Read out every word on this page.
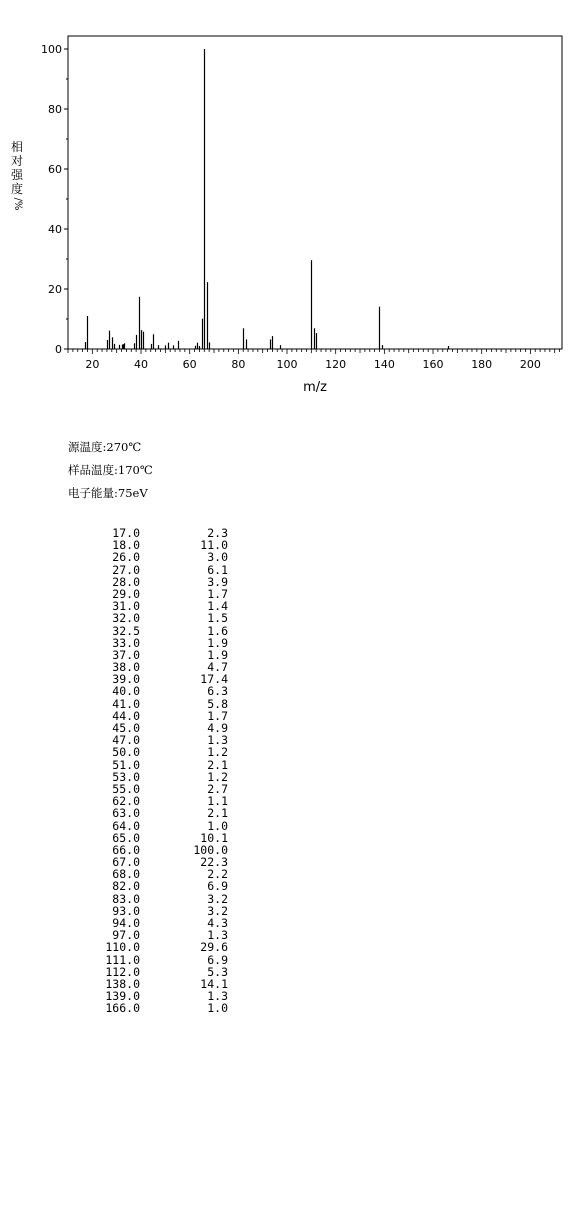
0
20
40
60
80
100
20	40	60	80	100	120	140	160	180	200
m/z
相
对
强
度
/%
源温度:270℃
样品温度:170℃
电子能量:75eV
17.0	2.3
18.0	11.0
26.0	3.0
27.0	6.1
28.0	3.9
29.0	1.7
31.0	1.4
32.0	1.5
32.5	1.6
33.0	1.9
37.0	1.9
38.0	4.7
39.0	17.4
40.0	6.3
41.0	5.8
44.0	1.7
45.0	4.9
47.0	1.3
50.0	1.2
51.0	2.1
53.0	1.2
55.0	2.7
62.0	1.1
63.0	2.1
64.0	1.0
65.0	10.1
66.0	100.0
67.0	22.3
68.0	2.2
82.0	6.9
83.0	3.2
93.0	3.2
94.0	4.3
97.0	1.3
110.0	29.6
111.0	6.9
112.0	5.3
138.0	14.1
139.0	1.3
166.0	1.0
